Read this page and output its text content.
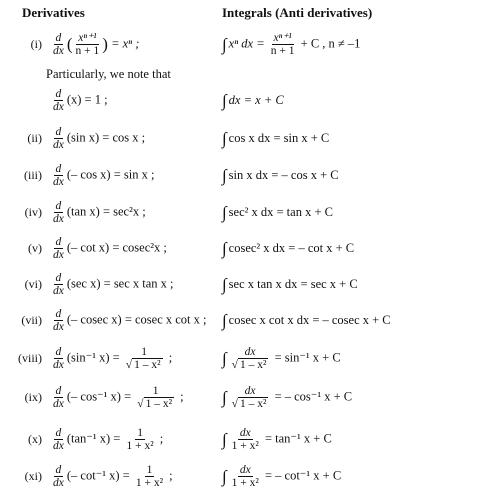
Derivatives	Integrals (Anti derivatives)
$(i) \frac{d}{dx}$ ( $\frac{\text{xⁿ⁺¹}}{n + 1}$ ) = xⁿ ;	∫ xⁿ dx = $\frac{\text{xⁿ⁺¹}}{n + 1} + C$ , n ≠ –1
Particularly, we note that
$\frac{d}{dx} (x) = 1$ ;	∫ dx = x + C
$(ii) \frac{d}{dx} (\sin$ x) = cos x ;	∫ cos x dx = sin x + C
$(iii) \frac{d}{dx}$ (– cos x) = sin x ;	∫ sin x dx = – cos x + C
$(iv) \frac{d}{dx} (\tan$ x) = sec²x ;	∫ sec² x dx = tan x + C
$(v) \frac{d}{dx}$ (– cot x) = cosec²x ;	∫ cosec² x dx = – cot x + C
$(vi) \frac{d}{dx} (\sec$ x) = sec x tan x ;	∫ sec x tan x dx = sec x + C
$(vii) \frac{d}{dx}$ (– cosec x) = cosec x cot x ; ∫ cosec x cot x dx = – cosec x + C
(viii) $\frac{d}{dx} (\sin^{-1}$ $x) = \frac{1}{\text{√ 1 – x²}}$ ;	∫ $\frac{dx}{\text{√ 1 – x²}} = \sin^{-1}$ x + C
$(ix) \frac{d}{dx}$ (– cos⁻¹ $x) = \frac{1}{\text{√ 1 – x²}}$ ;	∫ $\frac{dx}{\text{√ 1 – x²}}$ = – cos⁻¹ x + C
$(x) \frac{d}{dx} (\tan^{-1}$ $x) = \frac{1}{\text{1 + x²}}$ ;	∫ $\frac{dx}{\text{1 + x²}} = \tan^{-1}$ x + C
$(xi) \frac{d}{dx}$ (– cot⁻¹ $x) = \frac{1}{\text{1 + x²}}$ ;	∫ $\frac{dx}{\text{1 + x²}}$ = – cot⁻¹ x + C
